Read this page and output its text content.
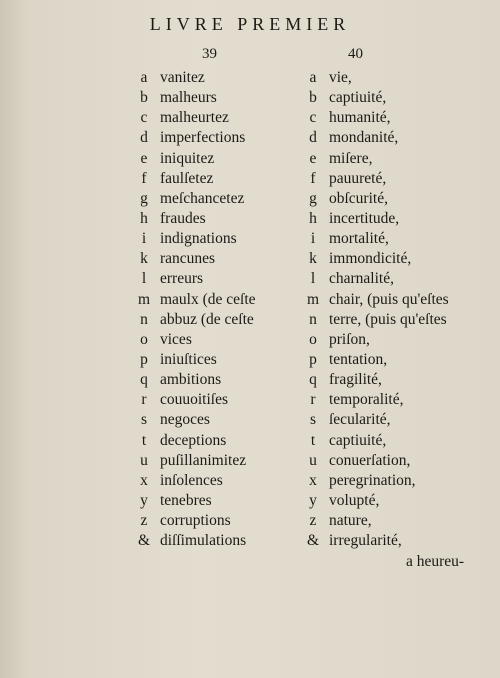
LIVRE PREMIER
39	40
a vanitez
b malheurs
c malheurtez
d imperfections
e iniquitez
f faulſetez
g meſchancetez
h fraudes
i indignations
k rancunes
l erreurs
m maulx (de ceſte
n abbuz (de ceſte
o vices
p iniuſtices
q ambitions
r couuoitiſes
s negoces
t deceptions
u puſillanimitez
x inſolences
y tenebres
z corruptions
& diſſimulations
a vie,
b captiuité,
c humanité,
d mondanité,
e miſere,
f pauureté,
g obſcurité,
h incertitude,
i mortalité,
k immondicité,
l charnalité,
m chair, (puis qu'eſtes
n terre, (puis qu'eſtes
o priſon,
p tentation,
q fragilité,
r temporalité,
s ſecularité,
t captiuité,
u conuerſation,
x peregrination,
y volupté,
z nature,
& irregularité,
a heureu-
